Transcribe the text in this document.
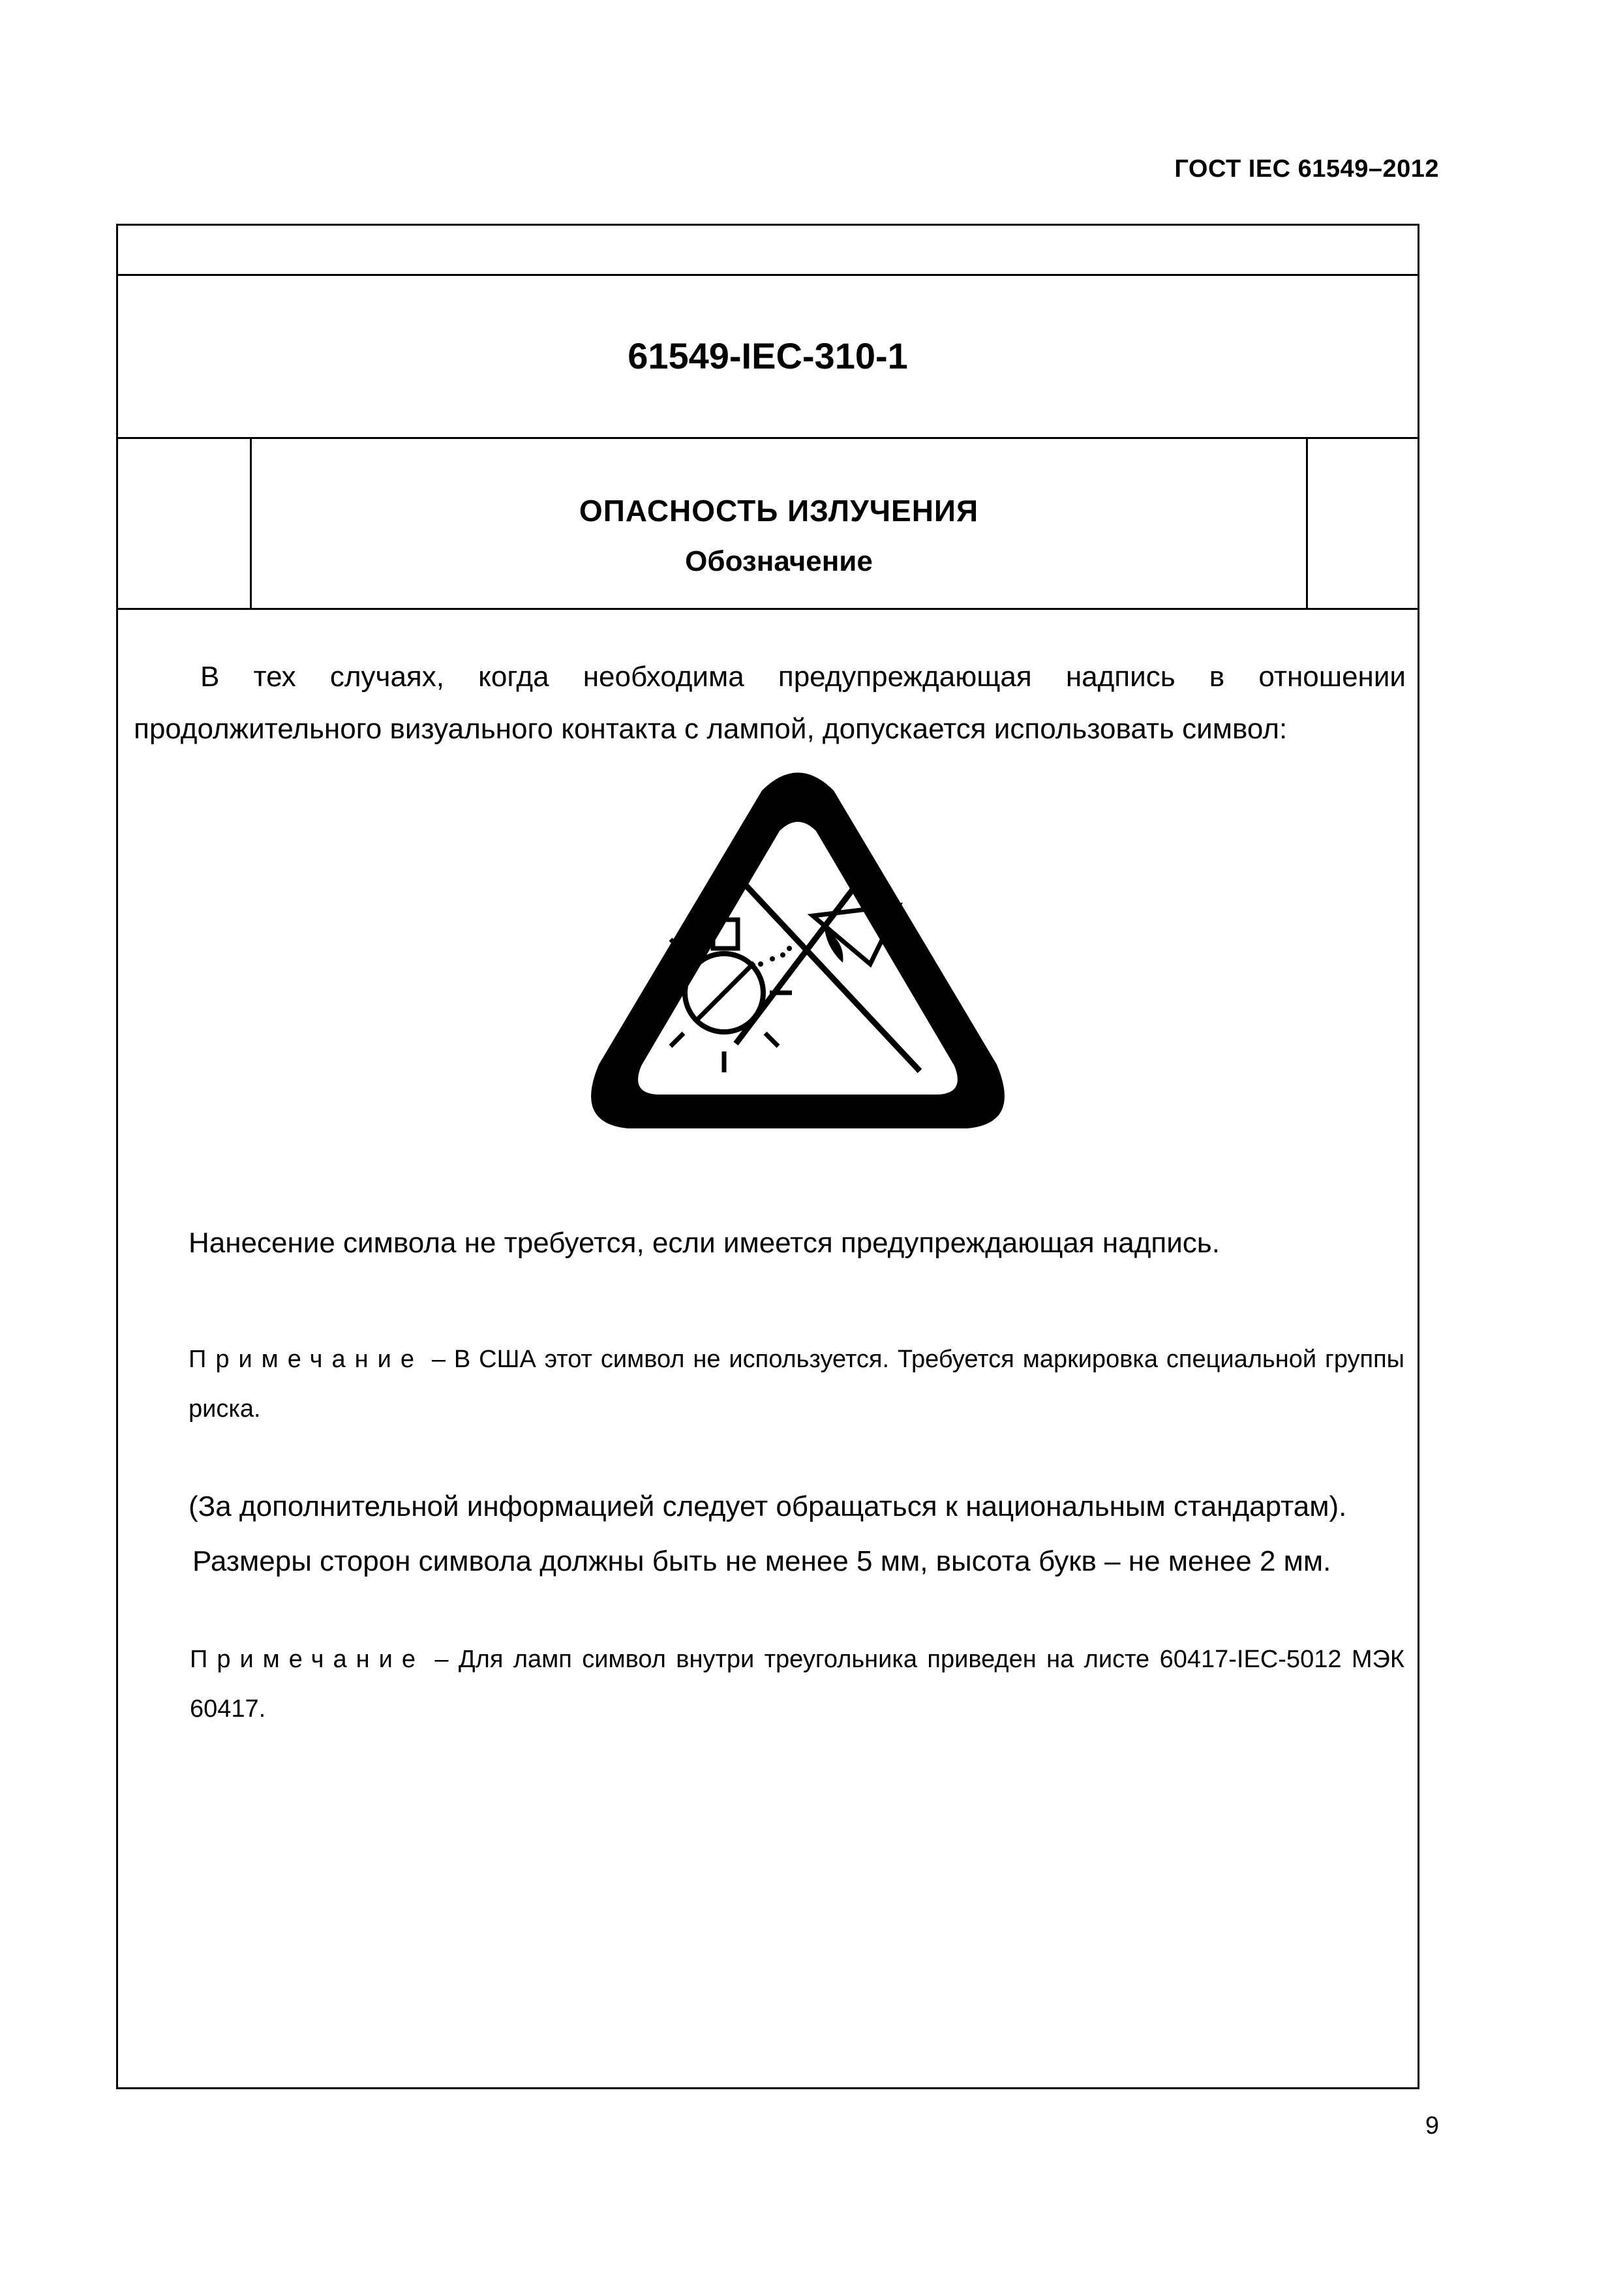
ГОСТ IEC 61549–2012
61549-IEC-310-1
ОПАСНОСТЬ ИЗЛУЧЕНИЯ
Обозначение
В тех случаях, когда необходима предупреждающая надпись в отношении продолжительного визуального контакта с лампой, допускается использовать символ:
Нанесение символа не требуется, если имеется предупреждающая надпись.
Примечание – В США этот символ не используется. Требуется маркировка специальной группы риска.
(За дополнительной информацией следует обращаться к национальным стандартам).
Размеры сторон символа должны быть не менее 5 мм, высота букв – не менее 2 мм.
Примечание – Для ламп символ внутри треугольника приведен на листе 60417-IEC-5012 МЭК 60417.
9
